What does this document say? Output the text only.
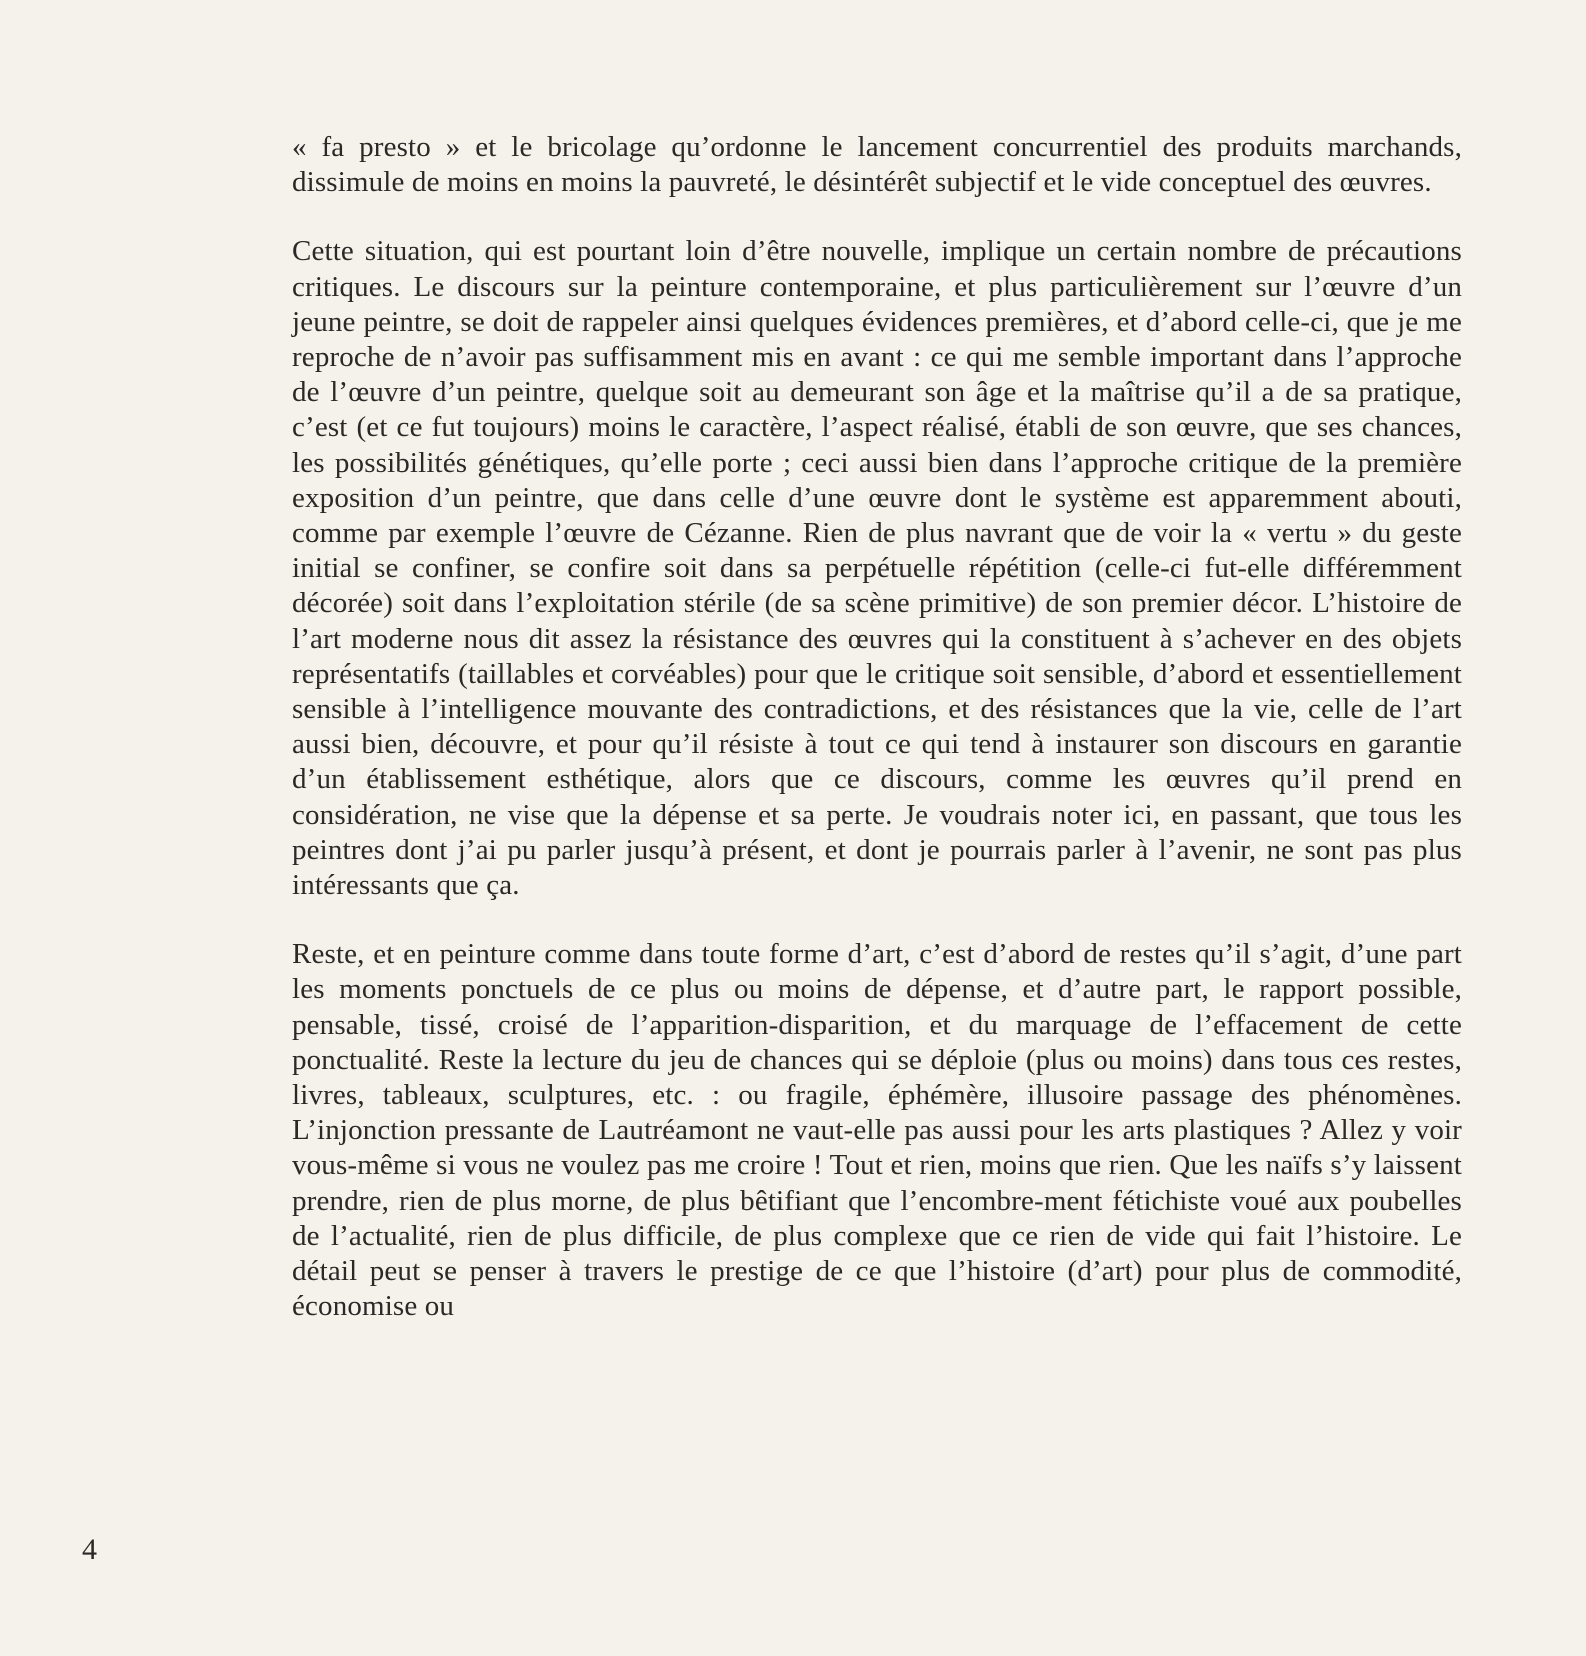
« fa presto » et le bricolage qu’ordonne le lancement concurrentiel des produits marchands, dissimule de moins en moins la pauvreté, le désintérêt subjectif et le vide conceptuel des œuvres.

Cette situation, qui est pourtant loin d’être nouvelle, implique un certain nombre de précautions critiques. Le discours sur la peinture contemporaine, et plus particulièrement sur l’œuvre d’un jeune peintre, se doit de rappeler ainsi quelques évidences premières, et d’abord celle-ci, que je me reproche de n’avoir pas suffisamment mis en avant : ce qui me semble important dans l’approche de l’œuvre d’un peintre, quelque soit au demeurant son âge et la maîtrise qu’il a de sa pratique, c’est (et ce fut toujours) moins le caractère, l’aspect réalisé, établi de son œuvre, que ses chances, les possibilités génétiques, qu’elle porte ; ceci aussi bien dans l’approche critique de la première exposition d’un peintre, que dans celle d’une œuvre dont le système est apparemment abouti, comme par exemple l’œuvre de Cézanne. Rien de plus navrant que de voir la « vertu » du geste initial se confiner, se confire soit dans sa perpétuelle répétition (celle-ci fut-elle différemment décorée) soit dans l’exploitation stérile (de sa scène primitive) de son premier décor. L’histoire de l’art moderne nous dit assez la résistance des œuvres qui la constituent à s’achever en des objets représentatifs (taillables et corvéables) pour que le critique soit sensible, d’abord et essentiellement sensible à l’intelligence mouvante des contradictions, et des résistances que la vie, celle de l’art aussi bien, découvre, et pour qu’il résiste à tout ce qui tend à instaurer son discours en garantie d’un établissement esthétique, alors que ce discours, comme les œuvres qu’il prend en considération, ne vise que la dépense et sa perte. Je voudrais noter ici, en passant, que tous les peintres dont j’ai pu parler jusqu’à présent, et dont je pourrais parler à l’avenir, ne sont pas plus intéressants que ça.

Reste, et en peinture comme dans toute forme d’art, c’est d’abord de restes qu’il s’agit, d’une part les moments ponctuels de ce plus ou moins de dépense, et d’autre part, le rapport possible, pensable, tissé, croisé de l’apparition-disparition, et du marquage de l’effacement de cette ponctualité. Reste la lecture du jeu de chances qui se déploie (plus ou moins) dans tous ces restes, livres, tableaux, sculptures, etc. : ou fragile, éphémère, illusoire passage des phénomènes. L’injonction pressante de Lautréamont ne vaut-elle pas aussi pour les arts plastiques ? Allez y voir vous-même si vous ne voulez pas me croire ! Tout et rien, moins que rien. Que les naïfs s’y laissent prendre, rien de plus morne, de plus bêtifiant que l’encombre-ment fétichiste voué aux poubelles de l’actualité, rien de plus difficile, de plus complexe que ce rien de vide qui fait l’histoire. Le détail peut se penser à travers le prestige de ce que l’histoire (d’art) pour plus de commodité, économise ou

4
